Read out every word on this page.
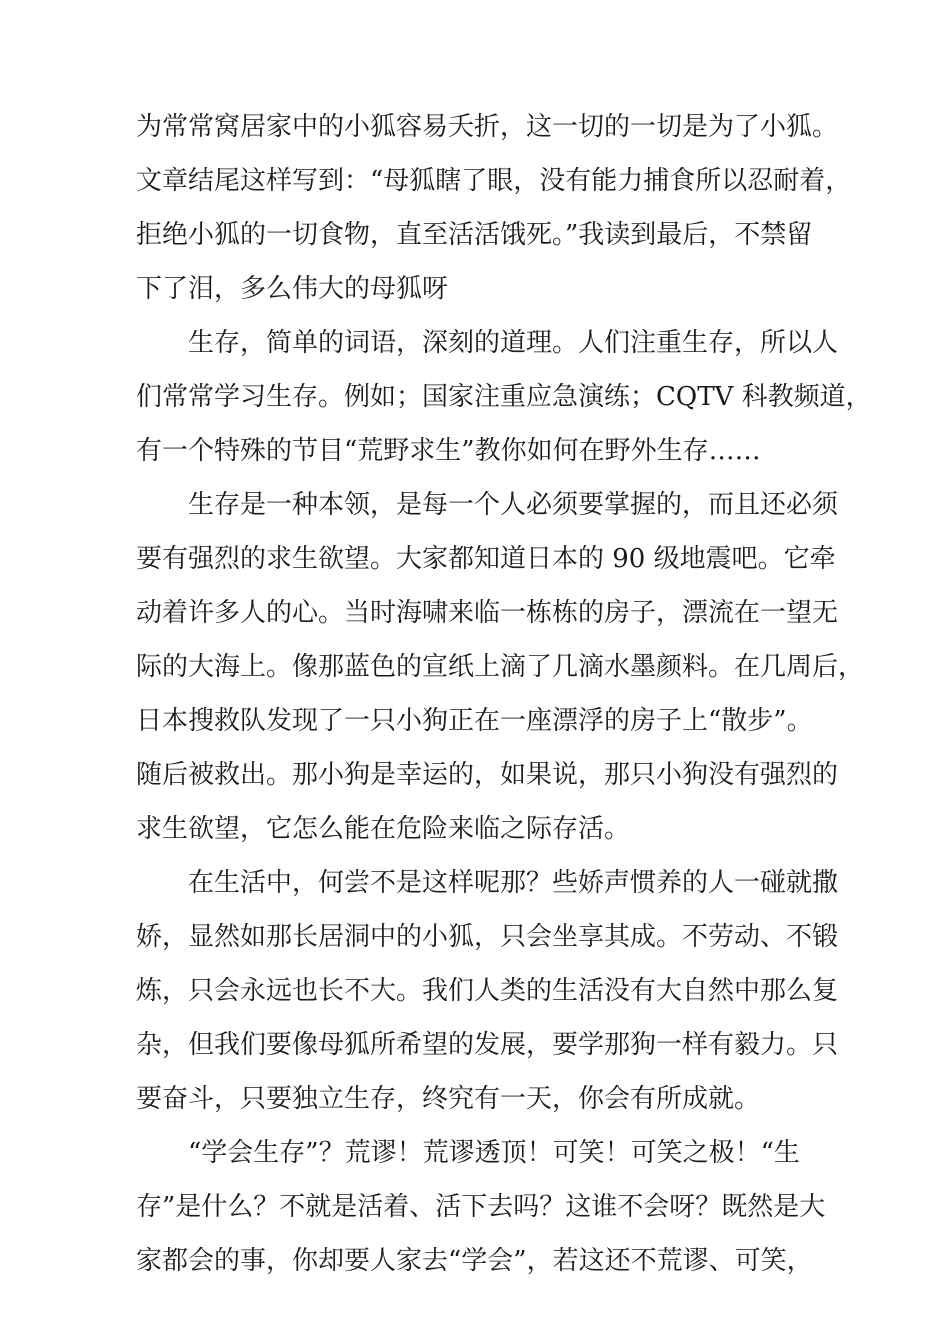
为常常窝居家中的小狐容易夭折，这一切的一切是为了小狐。
文章结尾这样写到：“母狐瞎了眼，没有能力捕食所以忍耐着，
拒绝小狐的一切食物，直至活活饿死。”我读到最后，不禁留
下了泪，多么伟大的母狐呀
生存，简单的词语，深刻的道理。人们注重生存，所以人
们常常学习生存。例如；国家注重应急演练；CQTV 科教频道，
有一个特殊的节目“荒野求生”教你如何在野外生存……
生存是一种本领，是每一个人必须要掌握的，而且还必须
要有强烈的求生欲望。大家都知道日本的 90 级地震吧。它牵
动着许多人的心。当时海啸来临一栋栋的房子，漂流在一望无
际的大海上。像那蓝色的宣纸上滴了几滴水墨颜料。在几周后，
日本搜救队发现了一只小狗正在一座漂浮的房子上“散步”。
随后被救出。那小狗是幸运的，如果说，那只小狗没有强烈的
求生欲望，它怎么能在危险来临之际存活。
在生活中，何尝不是这样呢那？些娇声惯养的人一碰就撒
娇，显然如那长居洞中的小狐，只会坐享其成。不劳动、不锻
炼，只会永远也长不大。我们人类的生活没有大自然中那么复
杂，但我们要像母狐所希望的发展，要学那狗一样有毅力。只
要奋斗，只要独立生存，终究有一天，你会有所成就。
“学会生存”？荒谬！荒谬透顶！可笑！可笑之极！“生
存”是什么？不就是活着、活下去吗？这谁不会呀？既然是大
家都会的事，你却要人家去“学会”，若这还不荒谬、可笑，
